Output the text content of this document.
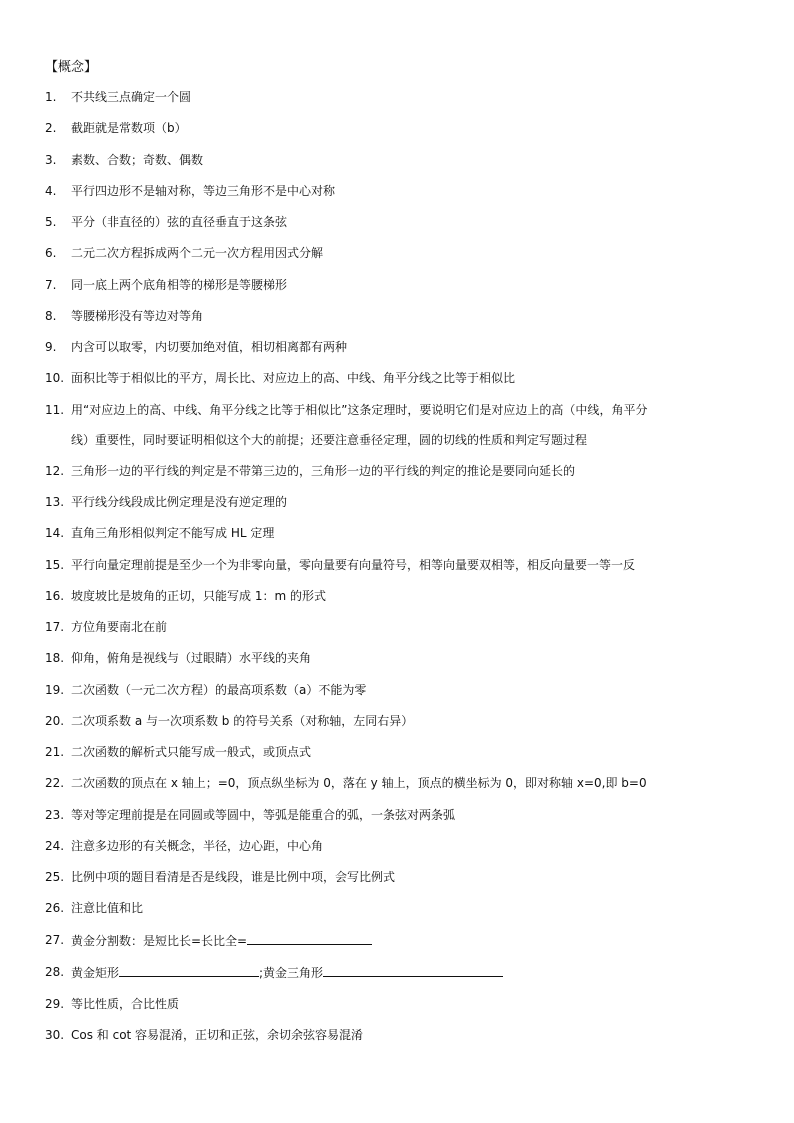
【概念】
1.	不共线三点确定一个圆
2.	截距就是常数项（b）
3.	素数、合数；奇数、偶数
4.	平行四边形不是轴对称，等边三角形不是中心对称
5.	平分（非直径的）弦的直径垂直于这条弦
6.	二元二次方程拆成两个二元一次方程用因式分解
7.	同一底上两个底角相等的梯形是等腰梯形
8.	等腰梯形没有等边对等角
9.	内含可以取零，内切要加绝对值，相切相离都有两种
10. 面积比等于相似比的平方，周长比、对应边上的高、中线、角平分线之比等于相似比
11. 用“对应边上的高、中线、角平分线之比等于相似比”这条定理时，要说明它们是对应边上的高（中线，角平分
线）重要性，同时要证明相似这个大的前提；还要注意垂径定理，圆的切线的性质和判定写题过程
12. 三角形一边的平行线的判定是不带第三边的，三角形一边的平行线的判定的推论是要同向延长的
13. 平行线分线段成比例定理是没有逆定理的
14. 直角三角形相似判定不能写成 HL 定理
15. 平行向量定理前提是至少一个为非零向量，零向量要有向量符号，相等向量要双相等，相反向量要一等一反
16. 坡度坡比是坡角的正切，只能写成 1：m 的形式
17. 方位角要南北在前
18. 仰角，俯角是视线与（过眼睛）水平线的夹角
19. 二次函数（一元二次方程）的最高项系数（a）不能为零
20. 二次项系数 a 与一次项系数 b 的符号关系（对称轴，左同右异）
21. 二次函数的解析式只能写成一般式，或顶点式
22. 二次函数的顶点在 x 轴上；=0，顶点纵坐标为 0，落在 y 轴上，顶点的横坐标为 0，即对称轴 x=0,即 b=0
23. 等对等定理前提是在同圆或等圆中，等弧是能重合的弧，一条弦对两条弧
24. 注意多边形的有关概念，半径，边心距，中心角
25. 比例中项的题目看清是否是线段，谁是比例中项，会写比例式
26. 注意比值和比
27. 黄金分割数：是短比长=长比全=
28. 黄金矩形	;黄金三角形
29. 等比性质，合比性质
30. Cos 和 cot 容易混淆，正切和正弦，余切余弦容易混淆
